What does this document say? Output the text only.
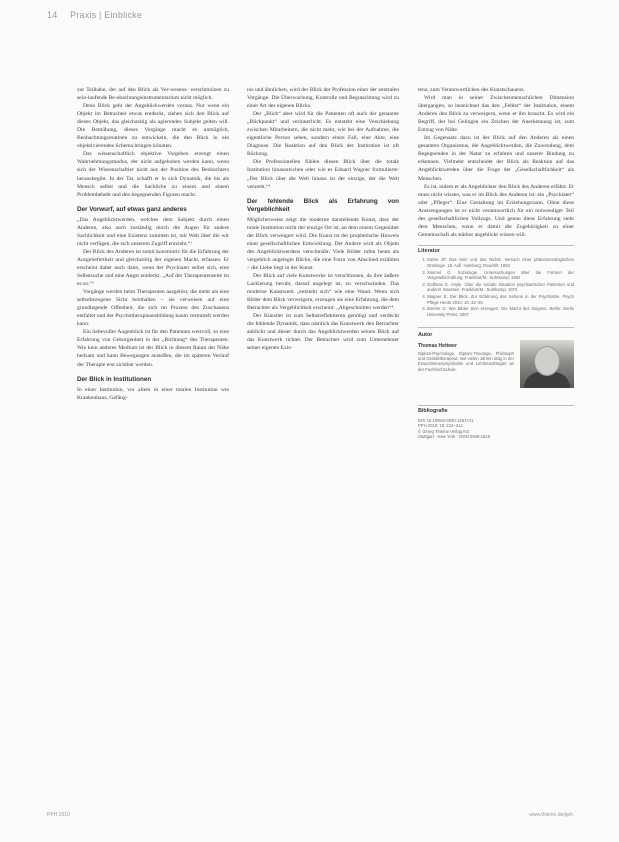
14 Praxis | Einblicke

zur Teilhabe, der auf den Blick als Ver-wesens- verschmolzen zu sein-laufende Be-obachtungsinstrumentarium nicht möglich.

Denn Blick geht der Angeblickwerden voraus. Nur wenn ein Objekt im Betrachter etwas entdeckt, ziehen sich den Blick auf dieses Objekt, das gleichzeitig als agierendes Subjekt gelten will. Die Bemühung, dieses Vorgänge macht es unmöglich, Beobachtungsroutinen zu entwickeln, die den Blick in ein objektivierendes Schema bringen könnten.

Das wissenschaftlich objektive Vorgehen erzeugt einen Wahrnehmungsmodus, der nicht aufgehoben werden kann, wenn sich der Wissenschaftler nicht aus der Position des Beobachters herausbegibt. In der Tat, schafft er in sich Dynamik, die bis als Mensch selbst und die Sachliche zu einem und einem Problembehebt und den begegnenden Figuren macht.

Der Vorwurf, auf etwas ganz anderes

„Das Angeblicktwerden, welches dem Subjekt durch einen Anderen, also auch zuständig durch die Augen für andere Sachlichkeit und eine Existenz zumitten ist, mit Welt über die wir nicht verfügen, die sich unserem Zugriff entzieht.“¹

Der Blick des Anderen ist somit konstitutiv für die Erfahrung der Ausgeliefertheit und gleichzeitig der eigenen Macht, erfassen. Er erscheint daher auch dann, wenn der Psychiater selbst sich, eine Selbstsuche und eine Angst entdeckt. „Auf der Therapeutenseite ist es so.“²

Vorgänge werden beim Therapeuten ausgelöst, die mehr als eine selbstbezogene Sicht beinhalten – sie verweisen auf eine grundlegende Offenheit, die sich im Prozess des Zuschauens entfaltet und der Psychotherapieausbildung kaum vermittelt werden kann.

Ein liebevoller Augenblick ist für den Patienten wertvoll, so eine Erfahrung von Geborgenheit in der „Richtung“ des Therapeuten. Wie kein anderes Medium ist der Blick in diesem Raum der Nähe heilsam und kann Bewegungen anstoßen, die im späteren Verlauf der Therapie erst sichtbar werden.

Der Blick in Institutionen

In einer Institution, vor allem in einer totalen Institution wie Krankenhaus, Gefäng-

nis und ähnlichen, wird der Blick der Profession einer der zentralen Vorgänge. Die Überwachung, Kontrolle und Begutachtung wird zu einer Art des eigenen Blicks.

Der „Blick“ aber wird für die Patienten oft auch der genannte „Blickpunkt“ und verinnerlicht. Es entsteht eine Verschiebung zwischen Mitarbeitern, die nicht mehr, wie bei der Aufnahme, die eigentliche Person sehen, sondern einen Fall, eine Akte, eine Diagnose. Die Reaktion auf den Blick der Institution ist oft Rückzug.

Die Professionellen fühlen diesen Blick über die totale Institution hinausreichen oder wie es Eduard Wagner formulierte: „Der Blick über die Welt hinaus ist der einzige, der die Welt versteht.“³

Der fehlende Blick als Erfahrung von Vergeblichkeit

Möglicherweise zeigt die moderne darstellende Kunst, dass der totale Institution nicht der einzige Ort ist, an dem einem Gegenüber der Blick verweigert wird. Die Kunst ist der prophetische Hinweis einer gesellschaftlichen Entwicklung. Der Andere wird als Objekt des Angeblicktwerdens verschmäht. Viele Bilder rufen heute als vergeblich angelegte Blicke, die eine Form von Abschied erzählen – die Liebe liegt in der Kunst.

Der Blick auf viele Kunstwerke ist verschlossen, da ihre äußere Lackierung beruht, darauf angelegt ist, zu verschwinden. Das moderne Kunstwerk „entzieht sich“ wie eine Wand. Wenn sich Bilder dem Blick verweigern, erzeugen sie eine Erfahrung, die dem Betrachter als Vergeblichkeit erscheint: „Abgeschnitten werden“⁴.

Der Künstler ist zum Selbstreflektieren genötigt und verdeckt die fehlende Dynamik, dass nämlich das Kunstwerk den Betrachter anblickt und dieser durch das Angeblicktwerden seinen Blick auf das Kunstwerk richtet. Der Betrachter wird zum Unternehmer seiner eigenen Exis-

tenz, zum Verantwortlichen des Kunstschauens.

Wird man in seiner Zwischenmenschlichen Dimension übergangen, so bezeichnet das den „Fehler“ der Institution, einem Anderen den Blick zu verweigern, wenn er ihn braucht. Es wird ein Begriff, der bei Gelingen ein Zeichen der Anerkennung ist, zum Entzug von Nähe.

Im Gegensatz dazu ist der Blick auf den Anderen als einen gesamten Organismus, die Angeblicktwerden, die Zuwendung, dem Begegnenden in der Natur zu erfahren und unserer Bindung zu erkennen. Vielmehr entscheidet der Blick als Reaktion auf das Angeblicktwerden über die Frage der „Gesellschaftlichkeit“ als Menschen.

Es ist, indem er als Angeblickter den Blick des Anderen erfährt. Er muss nicht wissen, was er im Blick des Anderen ist: ein „Psychiater“ oder „Pfleger“. Eine Gestaltung im Erziehungsraum. Ohne diese Anstrengungen ist er nicht verantwortlich für ein notwendiger Teil des gesellschaftlichen Vollzugs. Und genau diese Erfahrung steht dem Menschen, wenn er damit die Zugehörigkeit zu einer Gemeinschaft als stärker angeblickt wissen will.

Literatur
1. Sartre JP. Das Sein und das Nichts. Versuch einer phänomenologischen Ontologie. 18. Aufl. Hamburg: Rowohlt; 1993
2. Simmel G. Soziologie. Untersuchungen über die Formen der Vergesellschaftung. Frankfurt/M.: Suhrkamp; 1992
3. Goffman E. Asyle. Über die soziale Situation psychiatrischer Patienten und anderer Insassen. Frankfurt/M.: Suhrkamp; 1973
4. Wagner E. Der Blick. Zur Erfahrung des Sehens in der Psychiatrie. Psych Pflege Heute 2010; 16: 42–45
5. Boehm G. Wie Bilder Sinn erzeugen. Die Macht des Zeigens. Berlin: Berlin University Press; 2007
Autor
Thomas Hettwer
Diplom-Psychologe, Diplom-Theologe, Philosoph und Gestalttherapeut; seit vielen Jahren tätig in der Erwachsenenpsychiatrie und Lehrbeauftragter an der Fachhochschule.
Bibliografie
DOI 10.1055/s-0030-1251741
PPH 2010; 16: 212–214
© Georg Thieme Verlag KG
Stuttgart · New York · ISSN 0949-1619
PPH 2010	www.thieme.de/pph
